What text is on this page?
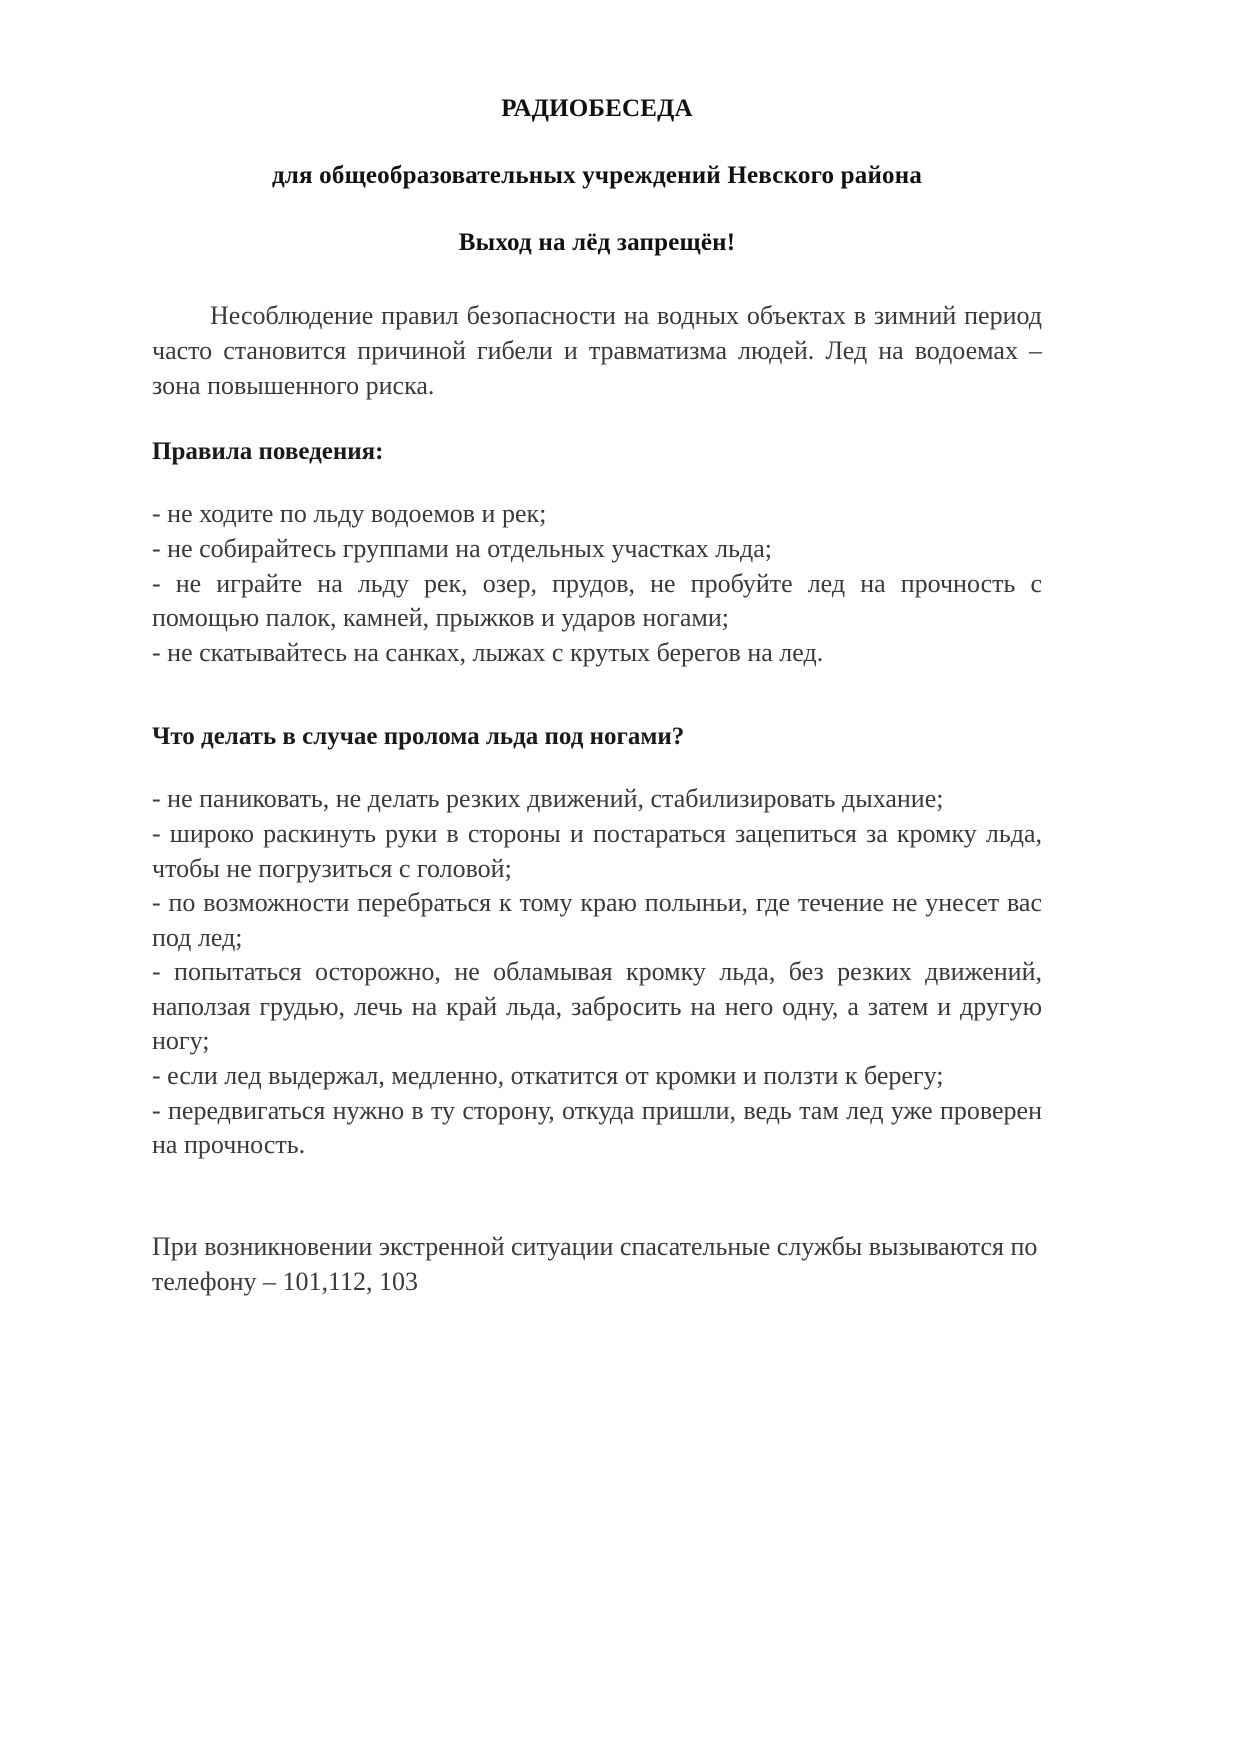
РАДИОБЕСЕДА
для общеобразовательных учреждений Невского района
Выход на лёд запрещён!

Несоблюдение правил безопасности на водных объектах в зимний период часто становится причиной гибели и травматизма людей. Лед на водоемах – зона повышенного риска.

Правила поведения:
- не ходите по льду водоемов и рек;
- не собирайтесь группами на отдельных участках льда;
- не играйте на льду рек, озер, прудов, не пробуйте лед на прочность с помощью палок, камней, прыжков и ударов ногами;
- не скатывайтесь на санках, лыжах с крутых берегов на лед.
Что делать в случае пролома льда под ногами?
- не паниковать, не делать резких движений, стабилизировать дыхание;
- широко раскинуть руки в стороны и постараться зацепиться за кромку льда, чтобы не погрузиться с головой;
- по возможности перебраться к тому краю полыньи, где течение не унесет вас под лед;
- попытаться осторожно, не обламывая кромку льда, без резких движений, наползая грудью, лечь на край льда, забросить на него одну, а затем и другую ногу;
- если лед выдержал, медленно, откатится от кромки и ползти к берегу;
- передвигаться нужно в ту сторону, откуда пришли, ведь там лед уже проверен на прочность.

При возникновении экстренной ситуации спасательные службы вызываются по телефону – 101,112, 103
